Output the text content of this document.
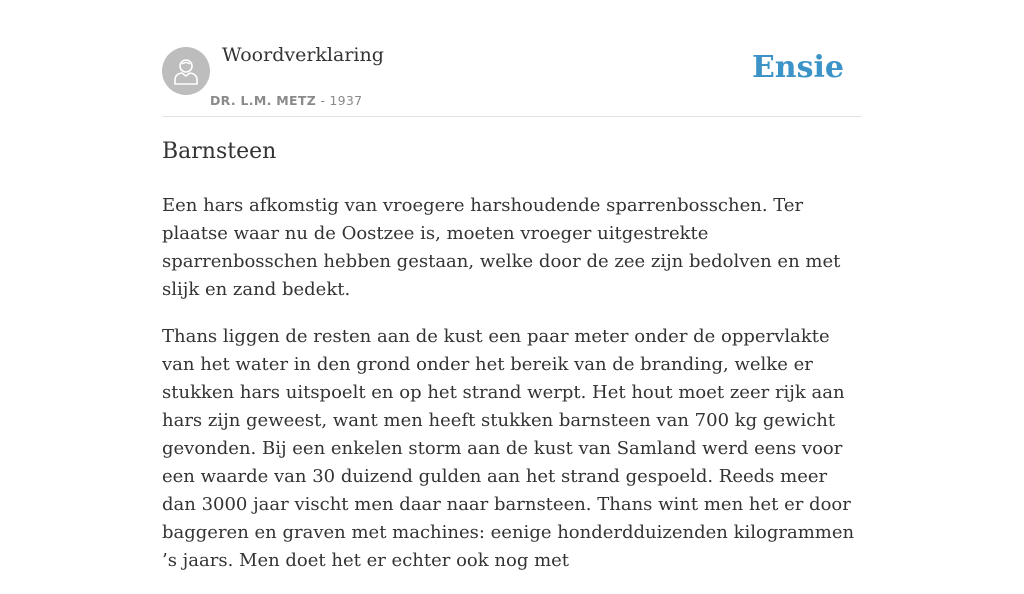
Woordverklaring
DR. L.M. METZ - 1937
Ensie
Barnsteen

Een hars afkomstig van vroegere harshoudende sparrenbosschen. Ter plaatse waar nu de Oostzee is, moeten vroeger uitgestrekte sparrenbosschen hebben gestaan, welke door de zee zijn bedolven en met slijk en zand bedekt.

Thans liggen de resten aan de kust een paar meter onder de oppervlakte van het water in den grond onder het bereik van de branding, welke er stukken hars uitspoelt en op het strand werpt. Het hout moet zeer rijk aan hars zijn geweest, want men heeft stukken barnsteen van 700 kg gewicht gevonden. Bij een enkelen storm aan de kust van Samland werd eens voor een waarde van 30 duizend gulden aan het strand gespoeld. Reeds meer dan 3000 jaar vischt men daar naar barnsteen. Thans wint men het er door baggeren en graven met machines: eenige honderdduizenden kilogrammen ’s jaars. Men doet het er echter ook nog met
